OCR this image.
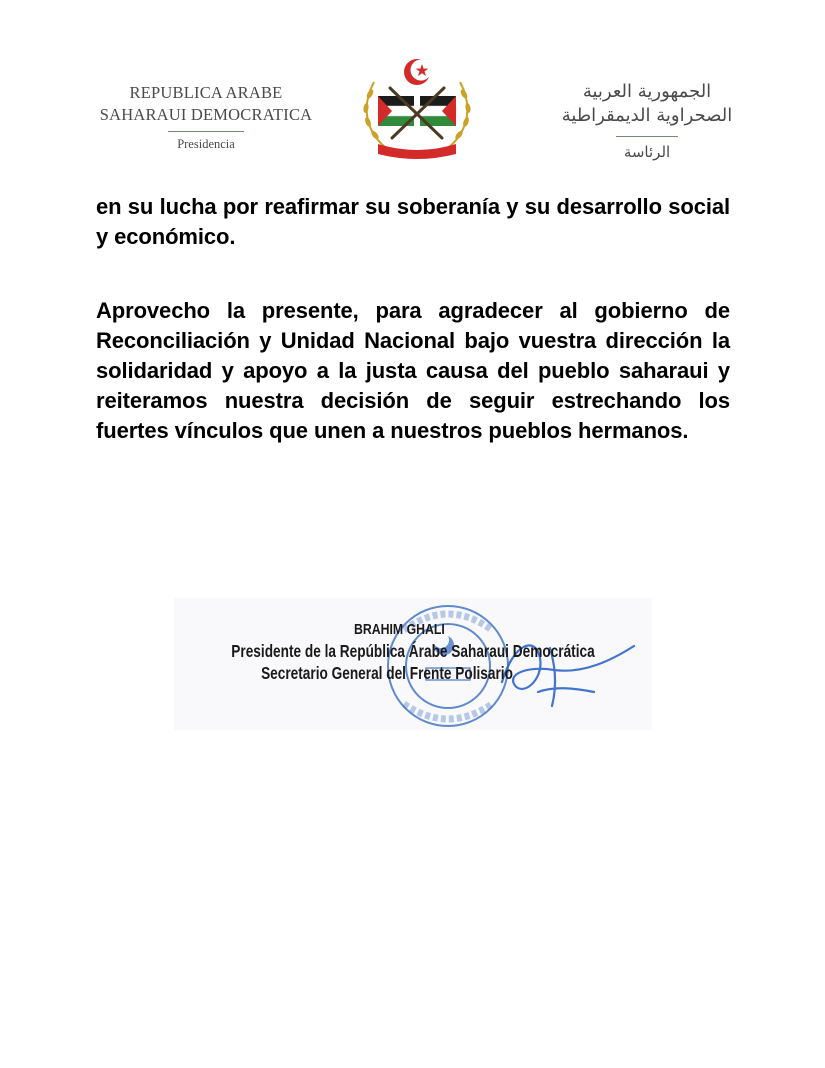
REPUBLICA ARABE
SAHARAUI DEMOCRATICA
Presidencia
الجمهورية العربية
الصحراوية الديمقراطية
الرئاسة

en su lucha por reafirmar su soberanía y su desarrollo social y económico.

Aprovecho la presente, para agradecer al gobierno de Reconciliación y Unidad Nacional bajo vuestra dirección la solidaridad y apoyo a la justa causa del pueblo saharaui y reiteramos nuestra decisión de seguir estrechando los fuertes vínculos que unen a nuestros pueblos hermanos.

BRAHIM GHALI
Presidente de la República Árabe Saharaui Democrática
Secretario General del Frente Polisario
